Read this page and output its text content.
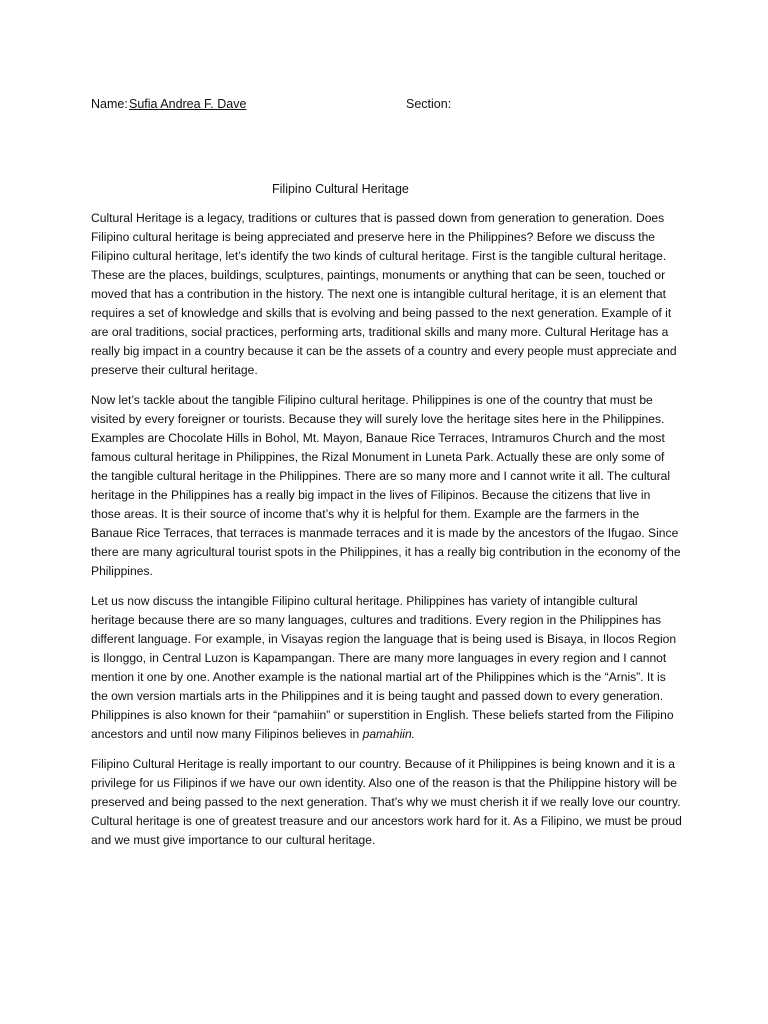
Name: Sufia Andrea F. Dave	Section:
Filipino Cultural Heritage

Cultural Heritage is a legacy, traditions or cultures that is passed down from generation to generation. Does Filipino cultural heritage is being appreciated and preserve here in the Philippines? Before we discuss the Filipino cultural heritage, let’s identify the two kinds of cultural heritage. First is the tangible cultural heritage. These are the places, buildings, sculptures, paintings, monuments or anything that can be seen, touched or moved that has a contribution in the history. The next one is intangible cultural heritage, it is an element that requires a set of knowledge and skills that is evolving and being passed to the next generation. Example of it are oral traditions, social practices, performing arts, traditional skills and many more. Cultural Heritage has a really big impact in a country because it can be the assets of a country and every people must appreciate and preserve their cultural heritage.

Now let’s tackle about the tangible Filipino cultural heritage. Philippines is one of the country that must be visited by every foreigner or tourists. Because they will surely love the heritage sites here in the Philippines. Examples are Chocolate Hills in Bohol, Mt. Mayon, Banaue Rice Terraces, Intramuros Church and the most famous cultural heritage in Philippines, the Rizal Monument in Luneta Park. Actually these are only some of the tangible cultural heritage in the Philippines. There are so many more and I cannot write it all. The cultural heritage in the Philippines has a really big impact in the lives of Filipinos. Because the citizens that live in those areas. It is their source of income that’s why it is helpful for them. Example are the farmers in the Banaue Rice Terraces, that terraces is manmade terraces and it is made by the ancestors of the Ifugao. Since there are many agricultural tourist spots in the Philippines, it has a really big contribution in the economy of the Philippines.

Let us now discuss the intangible Filipino cultural heritage. Philippines has variety of intangible cultural heritage because there are so many languages, cultures and traditions. Every region in the Philippines has different language. For example, in Visayas region the language that is being used is Bisaya, in Ilocos Region is Ilonggo, in Central Luzon is Kapampangan. There are many more languages in every region and I cannot mention it one by one. Another example is the national martial art of the Philippines which is the “Arnis”. It is the own version martials arts in the Philippines and it is being taught and passed down to every generation. Philippines is also known for their “pamahiin” or superstition in English. These beliefs started from the Filipino ancestors and until now many Filipinos believes in pamahiin.

Filipino Cultural Heritage is really important to our country. Because of it Philippines is being known and it is a privilege for us Filipinos if we have our own identity. Also one of the reason is that the Philippine history will be preserved and being passed to the next generation. That’s why we must cherish it if we really love our country. Cultural heritage is one of greatest treasure and our ancestors work hard for it. As a Filipino, we must be proud and we must give importance to our cultural heritage.
